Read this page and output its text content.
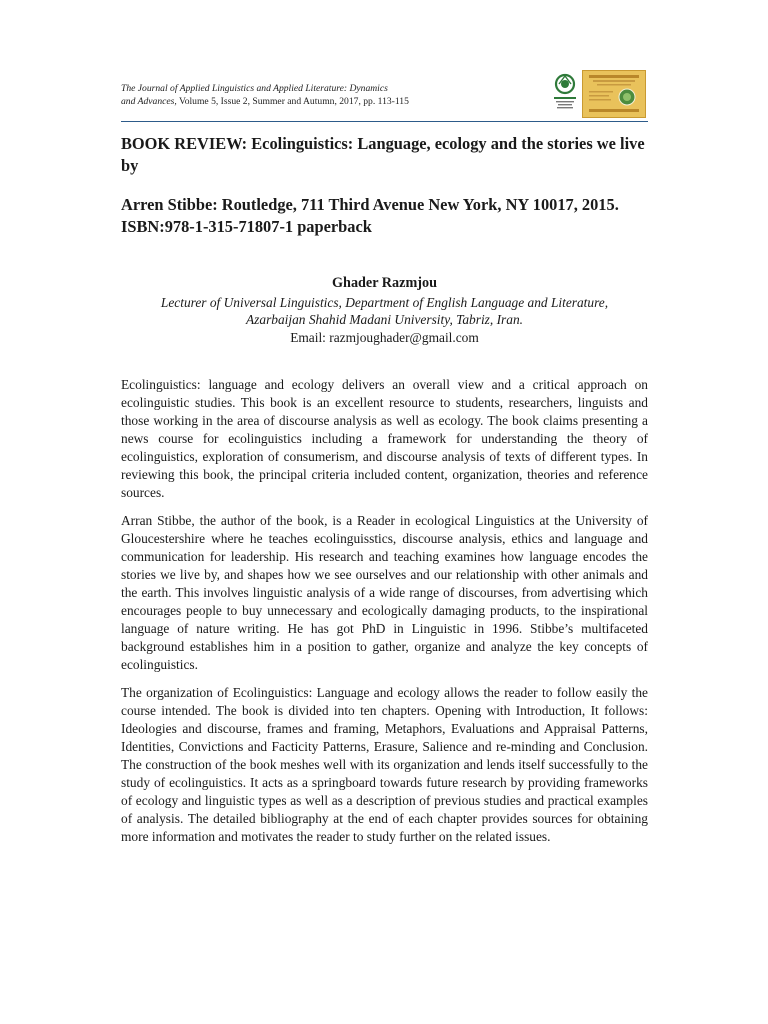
The Journal of Applied Linguistics and Applied Literature: Dynamics
and Advances, Volume 5, Issue 2, Summer and Autumn, 2017, pp. 113-115
BOOK REVIEW: Ecolinguistics: Language, ecology and the stories we live by
Arren Stibbe: Routledge, 711 Third Avenue New York, NY 10017, 2015. ISBN:978-1-315-71807-1 paperback
Ghader Razmjou
Lecturer of Universal Linguistics, Department of English Language and Literature,
Azarbaijan Shahid Madani University, Tabriz, Iran.
Email: razmjoughader@gmail.com

Ecolinguistics: language and ecology delivers an overall view and a critical approach on ecolinguistic studies. This book is an excellent resource to students, researchers, linguists and those working in the area of discourse analysis as well as ecology. The book claims presenting a news course for ecolinguistics including a framework for understanding the theory of ecolinguistics, exploration of consumerism, and discourse analysis of texts of different types. In reviewing this book, the principal criteria included content, organization, theories and reference sources.

Arran Stibbe, the author of the book, is a Reader in ecological Linguistics at the University of Gloucestershire where he teaches ecolinguisstics, discourse analysis, ethics and language and communication for leadership. His research and teaching examines how language encodes the stories we live by, and shapes how we see ourselves and our relationship with other animals and the earth. This involves linguistic analysis of a wide range of discourses, from advertising which encourages people to buy unnecessary and ecologically damaging products, to the inspirational language of nature writing. He has got PhD in Linguistic in 1996. Stibbe’s multifaceted background establishes him in a position to gather, organize and analyze the key concepts of ecolinguistics.

The organization of Ecolinguistics: Language and ecology allows the reader to follow easily the course intended. The book is divided into ten chapters. Opening with Introduction, It follows: Ideologies and discourse, frames and framing, Metaphors, Evaluations and Appraisal Patterns, Identities, Convictions and Facticity Patterns, Erasure, Salience and re-minding and Conclusion. The construction of the book meshes well with its organization and lends itself successfully to the study of ecolinguistics. It acts as a springboard towards future research by providing frameworks of ecology and linguistic types as well as a description of previous studies and practical examples of analysis. The detailed bibliography at the end of each chapter provides sources for obtaining more information and motivates the reader to study further on the related issues.
